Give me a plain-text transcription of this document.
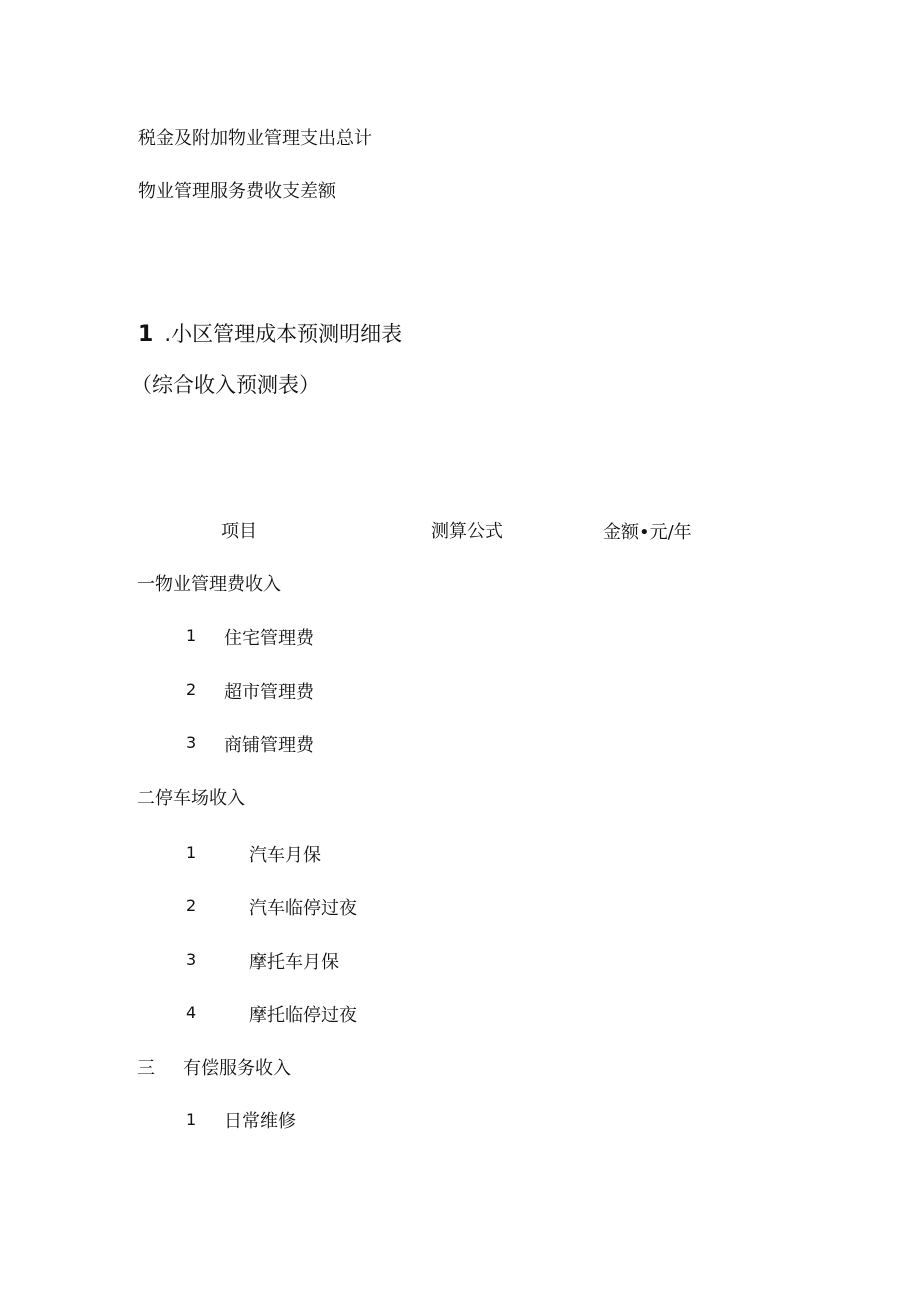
税金及附加物业管理支出总计
物业管理服务费收支差额
1 .小区管理成本预测明细表
（综合收入预测表）
项目	测算公式	金额•元/年
一物业管理费收入
1 住宅管理费
2 超市管理费
3 商铺管理费
二停车场收入
1	汽车月保
2	汽车临停过夜
3	摩托车月保
4	摩托临停过夜
三 有偿服务收入
1 日常维修
